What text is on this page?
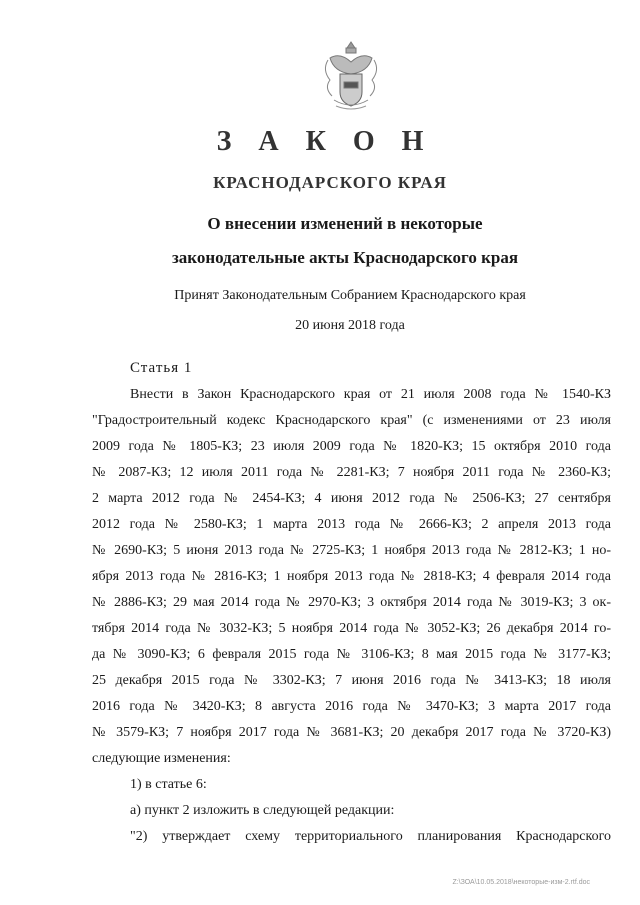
З А К О Н
КРАСНОДАРСКОГО КРАЯ
О внесении изменений в некоторые
законодательные акты Краснодарского края
Принят Законодательным Собранием Краснодарского края
20 июня 2018 года
Статья 1
Внести в Закон Краснодарского края от 21 июля 2008 года № 1540-КЗ
"Градостроительный кодекс Краснодарского края" (с изменениями от 23 июля
2009 года № 1805-КЗ; 23 июля 2009 года № 1820-КЗ; 15 октября 2010 года
№ 2087-КЗ; 12 июля 2011 года № 2281-КЗ; 7 ноября 2011 года № 2360-КЗ;
2 марта 2012 года № 2454-КЗ; 4 июня 2012 года № 2506-КЗ; 27 сентября
2012 года № 2580-КЗ; 1 марта 2013 года № 2666-КЗ; 2 апреля 2013 года
№ 2690-КЗ; 5 июня 2013 года № 2725-КЗ; 1 ноября 2013 года № 2812-КЗ; 1 но-
ября 2013 года № 2816-КЗ; 1 ноября 2013 года № 2818-КЗ; 4 февраля 2014 года
№ 2886-КЗ; 29 мая 2014 года № 2970-КЗ; 3 октября 2014 года № 3019-КЗ; 3 ок-
тября 2014 года № 3032-КЗ; 5 ноября 2014 года № 3052-КЗ; 26 декабря 2014 го-
да № 3090-КЗ; 6 февраля 2015 года № 3106-КЗ; 8 мая 2015 года № 3177-КЗ;
25 декабря 2015 года № 3302-КЗ; 7 июня 2016 года № 3413-КЗ; 18 июля
2016 года № 3420-КЗ; 8 августа 2016 года № 3470-КЗ; 3 марта 2017 года
№ 3579-КЗ; 7 ноября 2017 года № 3681-КЗ; 20 декабря 2017 года № 3720-КЗ)
следующие изменения:
1) в статье 6:
а) пункт 2 изложить в следующей редакции:
"2) утверждает схему территориального планирования Краснодарского
Z:\ЗОА\10.05.2018\некоторые-изм-2.rtf.doc
